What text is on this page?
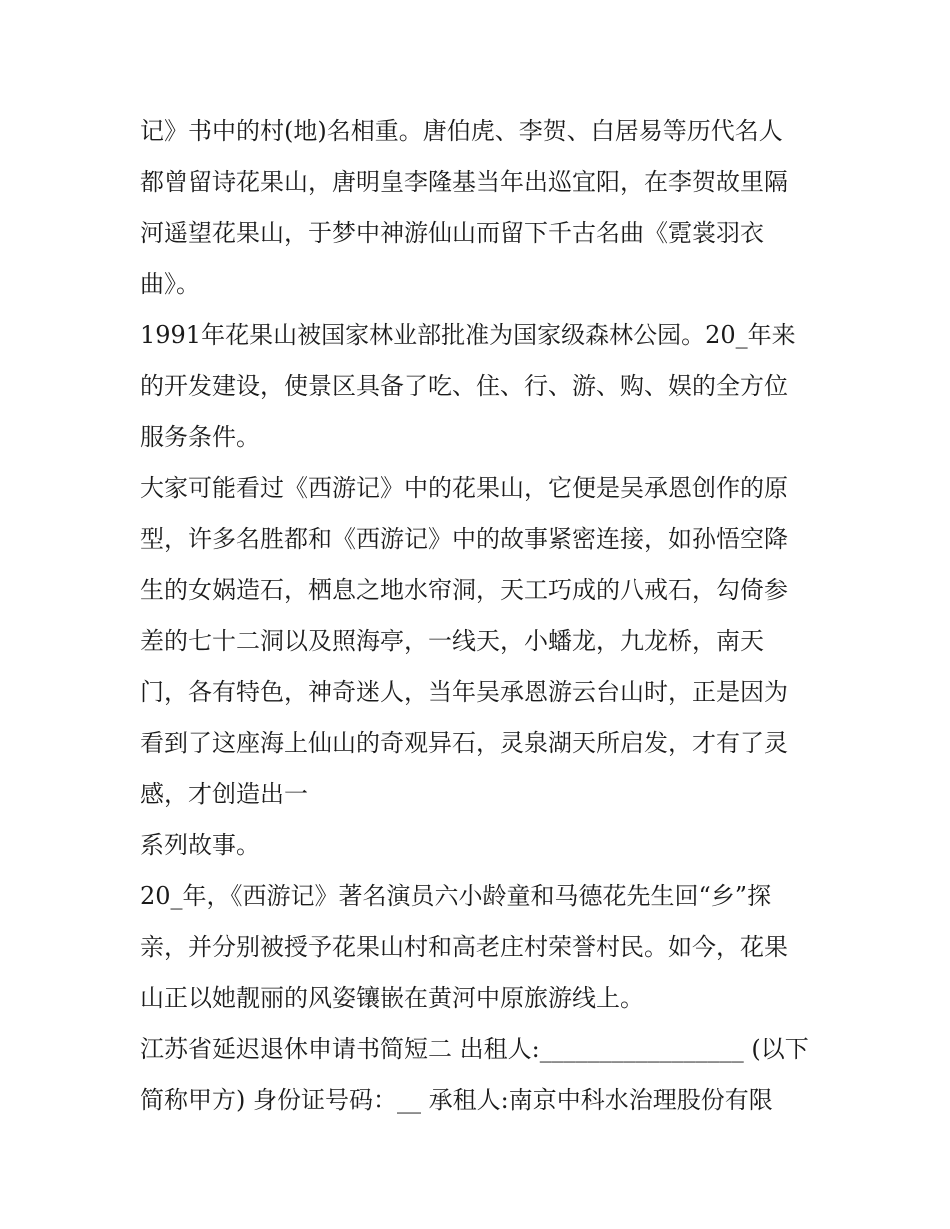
记》书中的村(地)名相重。唐伯虎、李贺、白居易等历代名人
都曾留诗花果山，唐明皇李隆基当年出巡宜阳，在李贺故里隔
河遥望花果山，于梦中神游仙山而留下千古名曲《霓裳羽衣
曲》。
1991年花果山被国家林业部批准为国家级森林公园。20_年来
的开发建设，使景区具备了吃、住、行、游、购、娱的全方位
服务条件。
大家可能看过《西游记》中的花果山，它便是吴承恩创作的原
型，许多名胜都和《西游记》中的故事紧密连接，如孙悟空降
生的女娲造石，栖息之地水帘洞，天工巧成的八戒石，勾倚参
差的七十二洞以及照海亭，一线天，小蟠龙，九龙桥，南天
门，各有特色，神奇迷人，当年吴承恩游云台山时，正是因为
看到了这座海上仙山的奇观异石，灵泉湖天所启发，才有了灵
感，才创造出一
系列故事。
20_年，《西游记》著名演员六小龄童和马德花先生回“乡”探
亲，并分别被授予花果山村和高老庄村荣誉村民。如今，花果
山正以她靓丽的风姿镶嵌在黄河中原旅游线上。
江苏省延迟退休申请书简短二 出租人:_________________ (以下
简称甲方) 身份证号码：__ 承租人:南京中科水治理股份有限
